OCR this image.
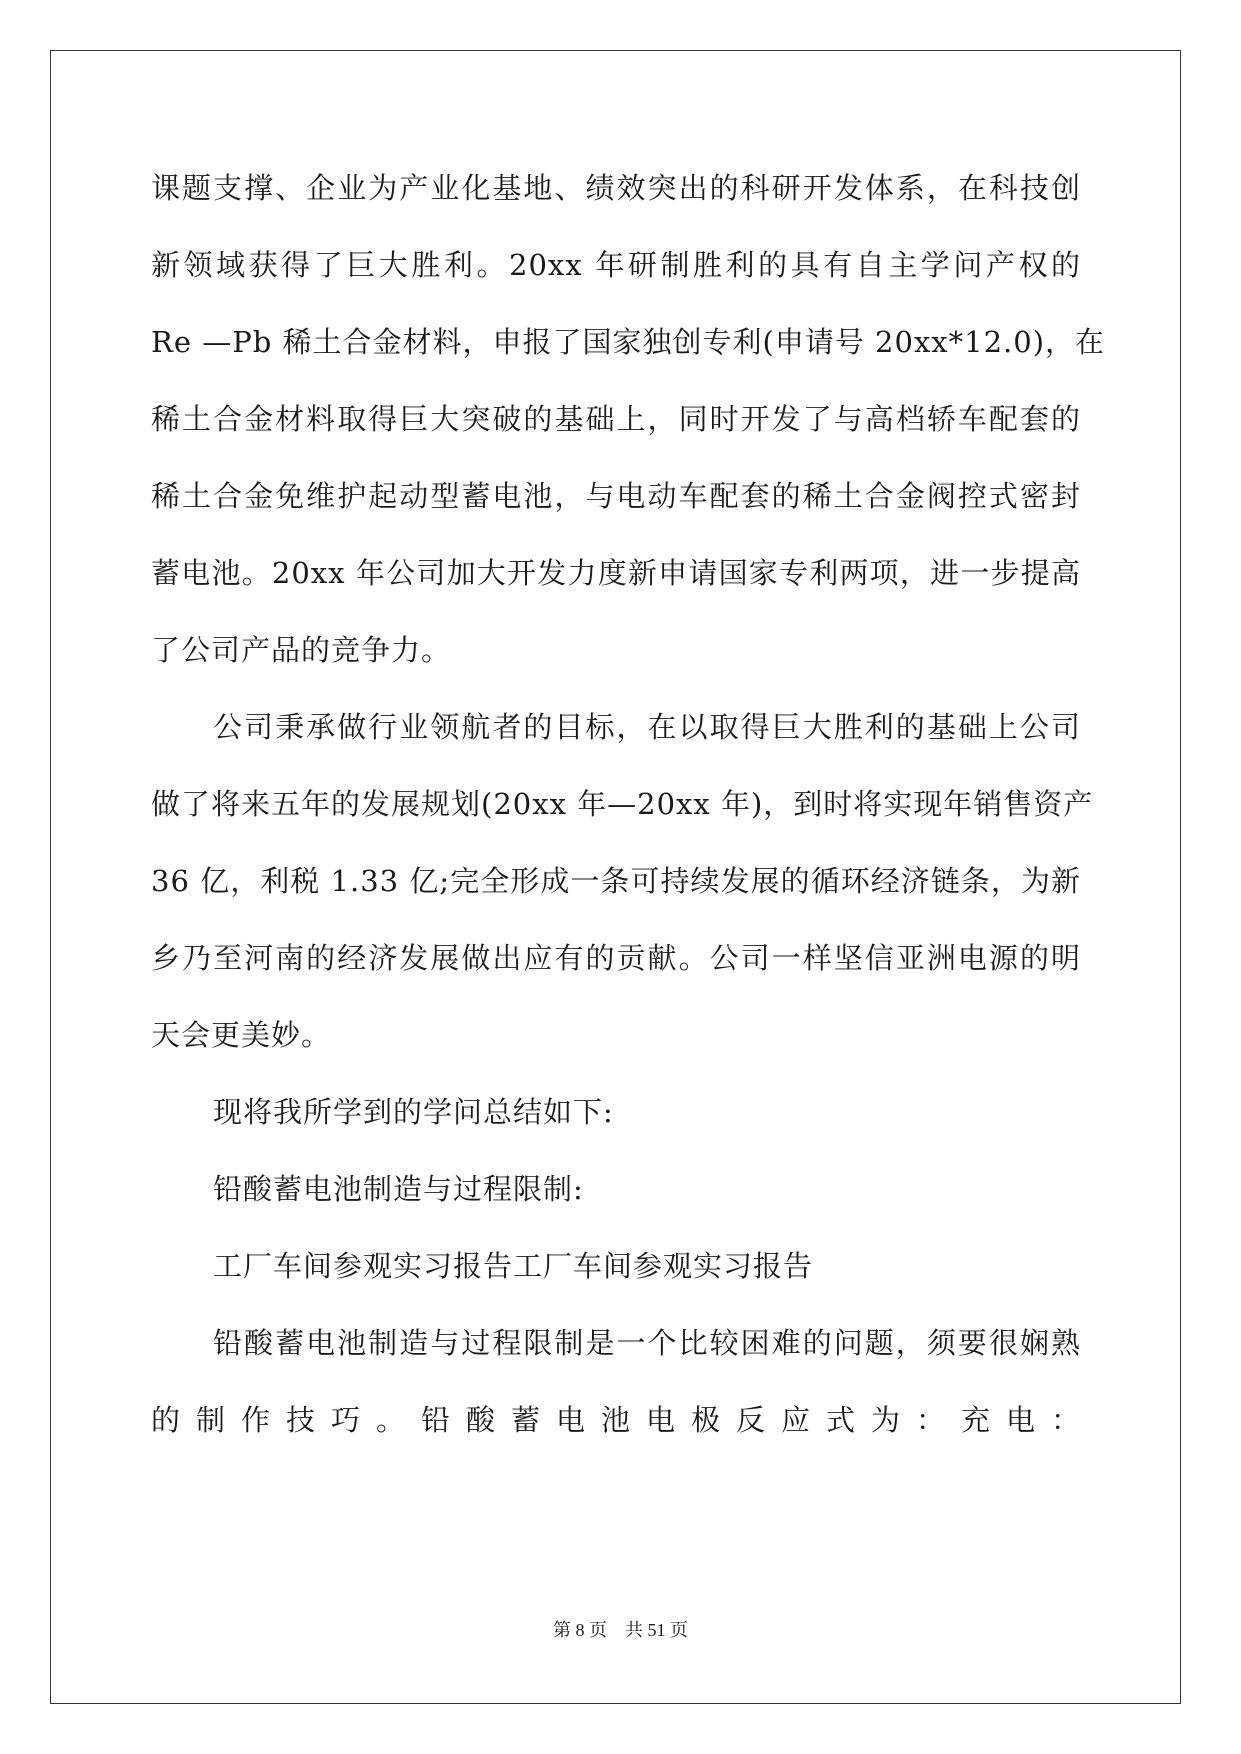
课题支撑、企业为产业化基地、绩效突出的科研开发体系，在科技创
新领域获得了巨大胜利。20xx 年研制胜利的具有自主学问产权的
Re —Pb 稀土合金材料，申报了国家独创专利(申请号 20xx*12.0)，在
稀土合金材料取得巨大突破的基础上，同时开发了与高档轿车配套的
稀土合金免维护起动型蓄电池，与电动车配套的稀土合金阀控式密封
蓄电池。20xx 年公司加大开发力度新申请国家专利两项，进一步提高
了公司产品的竞争力。
公司秉承做行业领航者的目标，在以取得巨大胜利的基础上公司
做了将来五年的发展规划(20xx 年—20xx 年)，到时将实现年销售资产
36 亿，利税 1.33 亿;完全形成一条可持续发展的循环经济链条，为新
乡乃至河南的经济发展做出应有的贡献。公司一样坚信亚洲电源的明
天会更美妙。
现将我所学到的学问总结如下:
铅酸蓄电池制造与过程限制:
工厂车间参观实习报告工厂车间参观实习报告
铅酸蓄电池制造与过程限制是一个比较困难的问题，须要很娴熟
的制作技巧。铅酸蓄电池电极反应式为：充电：
第 8 页　共 51 页
